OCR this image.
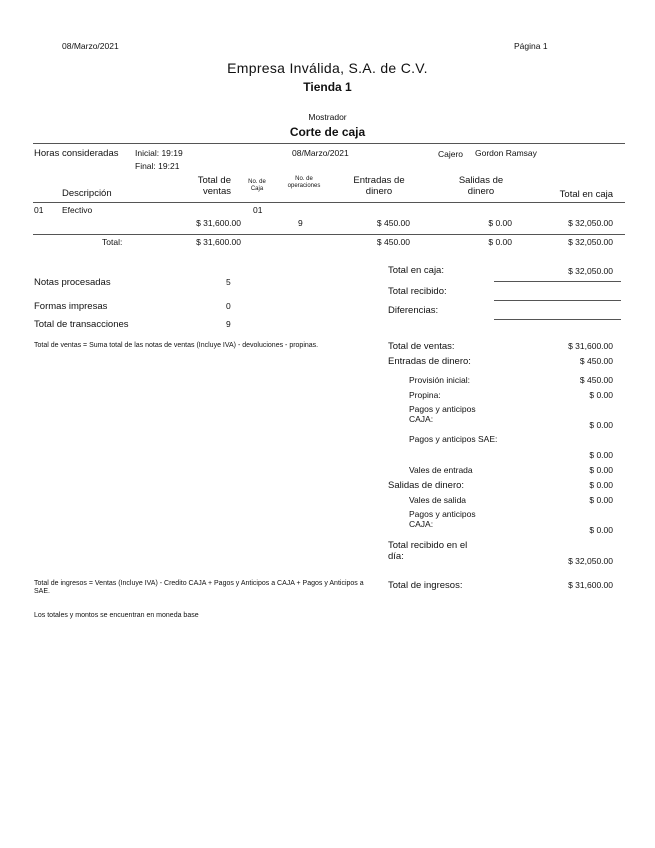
08/Marzo/2021	Página 1
Empresa Inválida, S.A. de C.V.
Tienda 1
Mostrador
Corte de caja
Horas consideradas Inicial: 19:19
Final: 19:21
08/Marzo/2021	Cajero Gordon Ramsay
Descripción
Total de ventas
No. de Caja
No. de operaciones	Entradas de dinero
Salidas de dinero	Total en caja
01 Efectivo	01
$ 31,600.00	9	$ 450.00	$ 0.00	$ 32,050.00
Total:	$ 31,600.00	$ 450.00	$ 0.00	$ 32,050.00
Notas procesadas	5
Formas impresas	0
Total de transacciones	9
Total en caja:	$ 32,050.00
Total recibido:
Diferencias:
Total de ventas = Suma total de las notas de ventas (Incluye IVA) - devoluciones - propinas.
Total de ingresos = Ventas (Incluye IVA) - Credito CAJA + Pagos y Anticipos a CAJA + Pagos y Anticipos a SAE.
Los totales y montos se encuentran en moneda base
Total de ventas:	$ 31,600.00
Entradas de dinero:	$ 450.00
Provisión inicial:	$ 450.00
Propina:	$ 0.00
Pagos y anticipos CAJA:
$ 0.00
Pagos y anticipos SAE:
$ 0.00
Vales de entrada	$ 0.00
Salidas de dinero:	$ 0.00
Vales de salida	$ 0.00
Pagos y anticipos CAJA:
$ 0.00
Total recibido en el día:	$ 32,050.00
Total de ingresos:	$ 31,600.00
